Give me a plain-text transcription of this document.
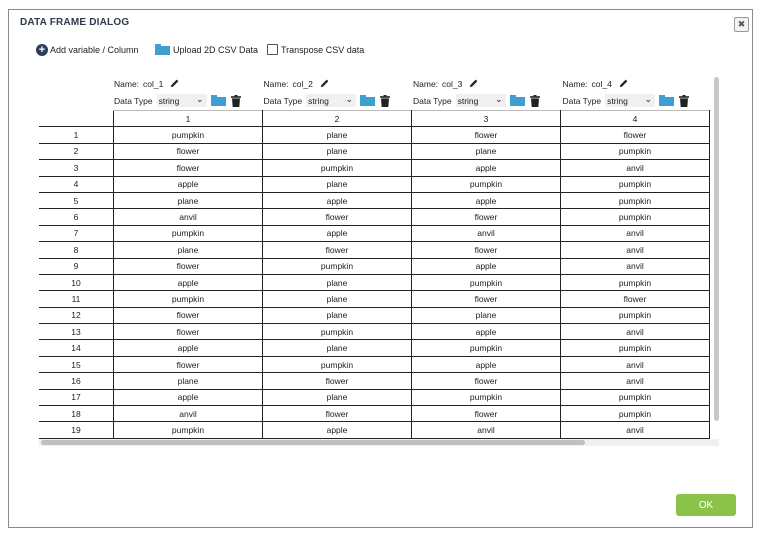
DATA FRAME DIALOG	✖
+ Add variable / Column	Upload 2D CSV Data	Transpose CSV data
Name: col_1
Data Type string ⌄
Name: col_2
Data Type string ⌄
Name: col_3
Data Type string ⌄
Name: col_4
Data Type string ⌄
	1	2	3	4
1	pumpkin	plane	flower	flower
2	flower	plane	plane	pumpkin
3	flower	pumpkin	apple	anvil
4	apple	plane	pumpkin	pumpkin
5	plane	apple	apple	pumpkin
6	anvil	flower	flower	pumpkin
7	pumpkin	apple	anvil	anvil
8	plane	flower	flower	anvil
9	flower	pumpkin	apple	anvil
10	apple	plane	pumpkin	pumpkin
11	pumpkin	plane	flower	flower
12	flower	plane	plane	pumpkin
13	flower	pumpkin	apple	anvil
14	apple	plane	pumpkin	pumpkin
15	flower	pumpkin	apple	anvil
16	plane	flower	flower	anvil
17	apple	plane	pumpkin	pumpkin
18	anvil	flower	flower	pumpkin
19	pumpkin	apple	anvil	anvil
OK
